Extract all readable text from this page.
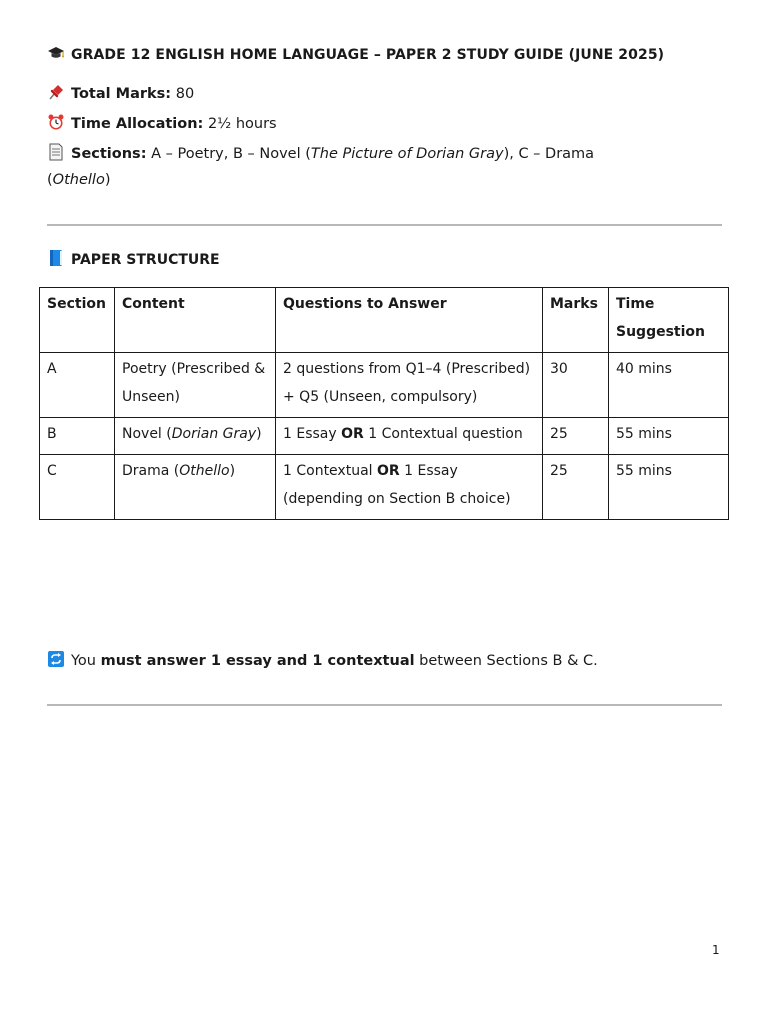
GRADE 12 ENGLISH HOME LANGUAGE – PAPER 2 STUDY GUIDE (JUNE 2025)
Total Marks: 80
Time Allocation: 2½ hours
Sections: A – Poetry, B – Novel (The Picture of Dorian Gray), C – Drama
(Othello)
PAPER STRUCTURE
Section	Content	Questions to Answer	Marks	Time Suggestion
A	Poetry (Prescribed & Unseen)	2 questions from Q1–4 (Prescribed) + Q5 (Unseen, compulsory)	30	40 mins
B	Novel (Dorian Gray)	1 Essay OR 1 Contextual question	25	55 mins
C	Drama (Othello)	1 Contextual OR 1 Essay (depending on Section B choice)	25	55 mins
You must answer 1 essay and 1 contextual between Sections B & C.
1
